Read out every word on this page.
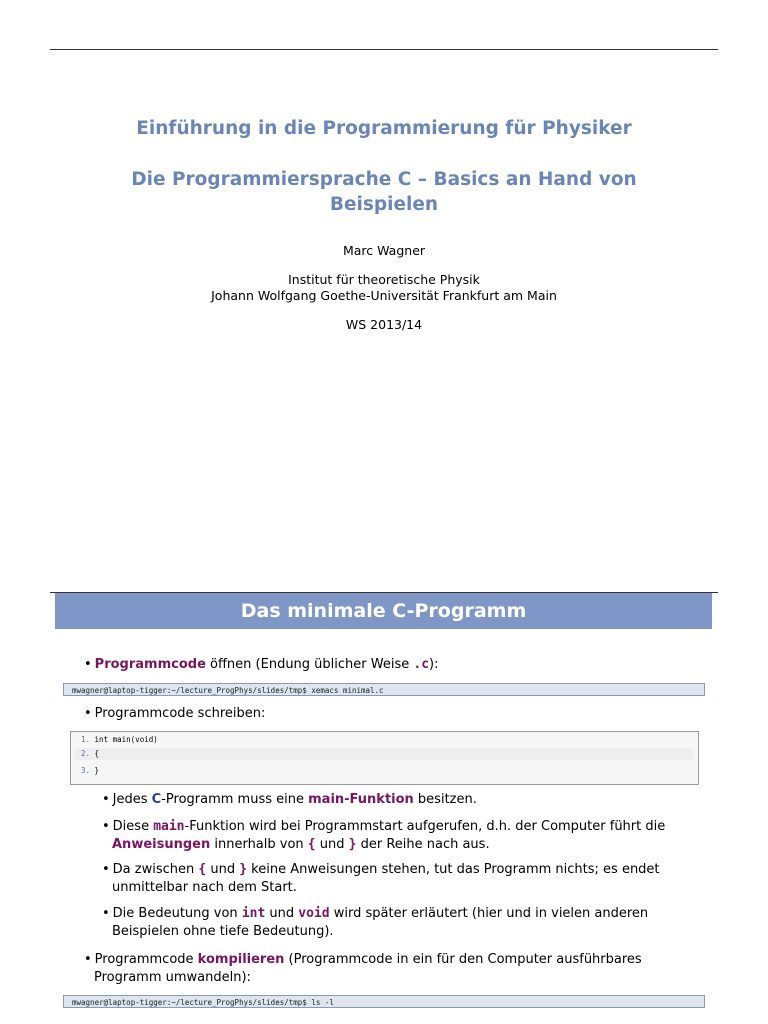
Einführung in die Programmierung für Physiker
Die Programmiersprache C – Basics an Hand von
Beispielen
Marc Wagner
Institut für theoretische Physik
Johann Wolfgang Goethe-Universität Frankfurt am Main
WS 2013/14
Das minimale C-Programm
• Programmcode öffnen (Endung üblicher Weise .c):
mwagner@laptop-tigger:~/lecture_ProgPhys/slides/tmp$ xemacs minimal.c
• Programmcode schreiben:
1. int main(void)
2. {
3. }
• Jedes C-Programm muss eine main-Funktion besitzen.
• Diese main-Funktion wird bei Programmstart aufgerufen, d.h. der Computer führt die
Anweisungen innerhalb von { und } der Reihe nach aus.
• Da zwischen { und } keine Anweisungen stehen, tut das Programm nichts; es endet
unmittelbar nach dem Start.
• Die Bedeutung von int und void wird später erläutert (hier und in vielen anderen
Beispielen ohne tiefe Bedeutung).
• Programmcode kompilieren (Programmcode in ein für den Computer ausführbares
Programm umwandeln):
mwagner@laptop-tigger:~/lecture_ProgPhys/slides/tmp$ ls -l
